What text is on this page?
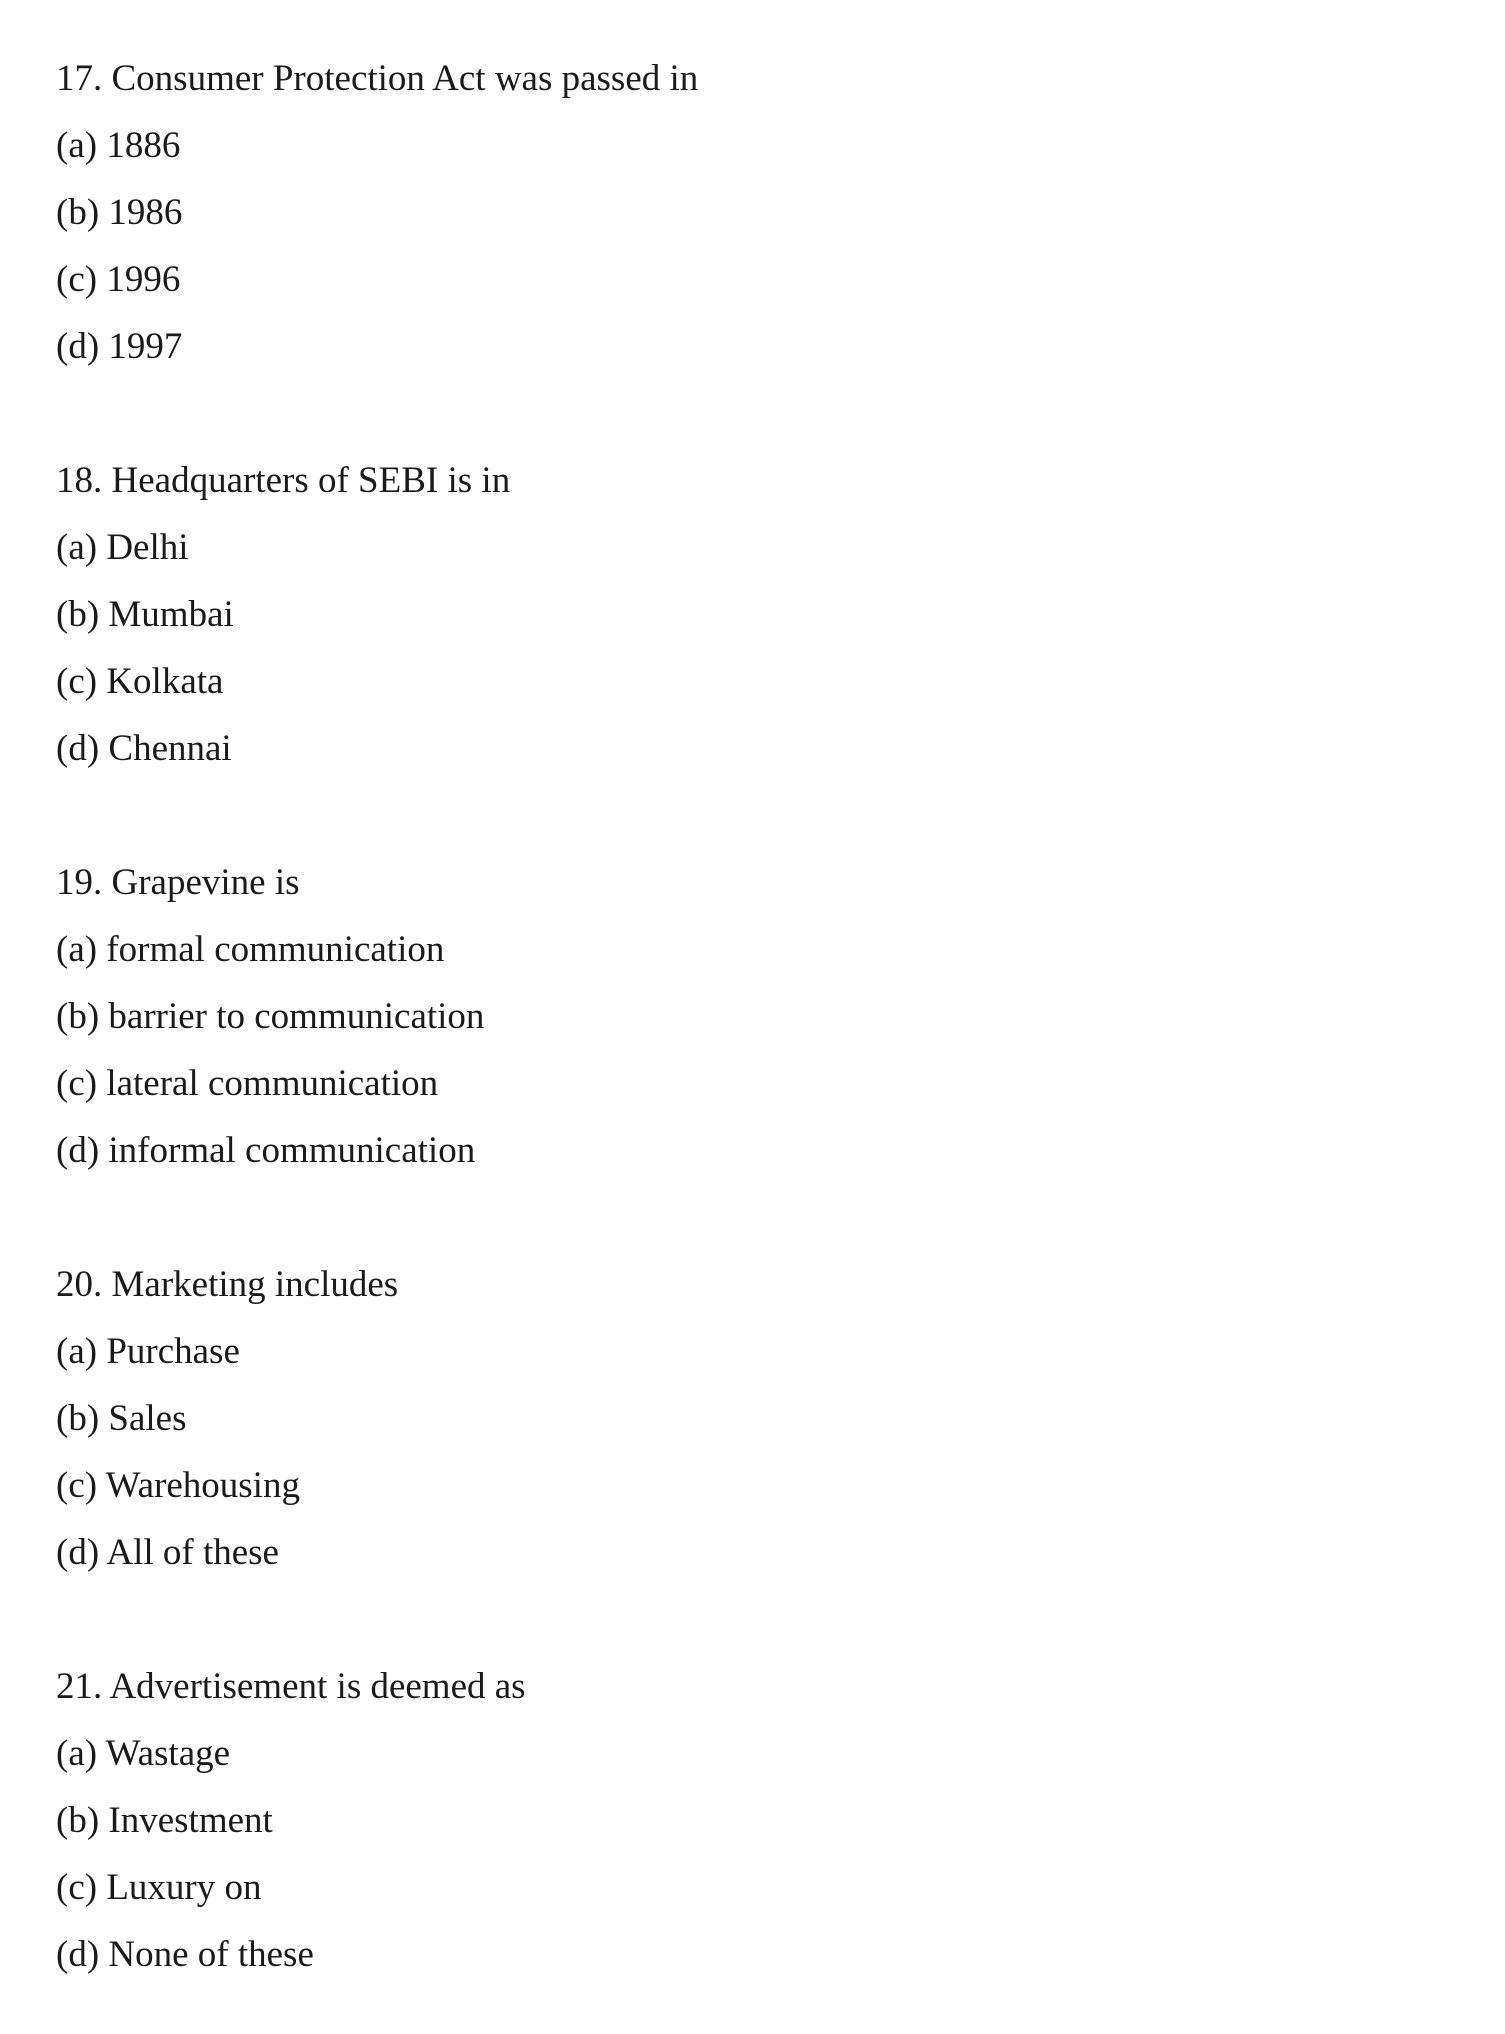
17. Consumer Protection Act was passed in
(a) 1886
(b) 1986
(c) 1996
(d) 1997
18. Headquarters of SEBI is in
(a) Delhi
(b) Mumbai
(c) Kolkata
(d) Chennai
19. Grapevine is
(a) formal communication
(b) barrier to communication
(c) lateral communication
(d) informal communication
20. Marketing includes
(a) Purchase
(b) Sales
(c) Warehousing
(d) All of these
21. Advertisement is deemed as
(a) Wastage
(b) Investment
(c) Luxury on
(d) None of these
